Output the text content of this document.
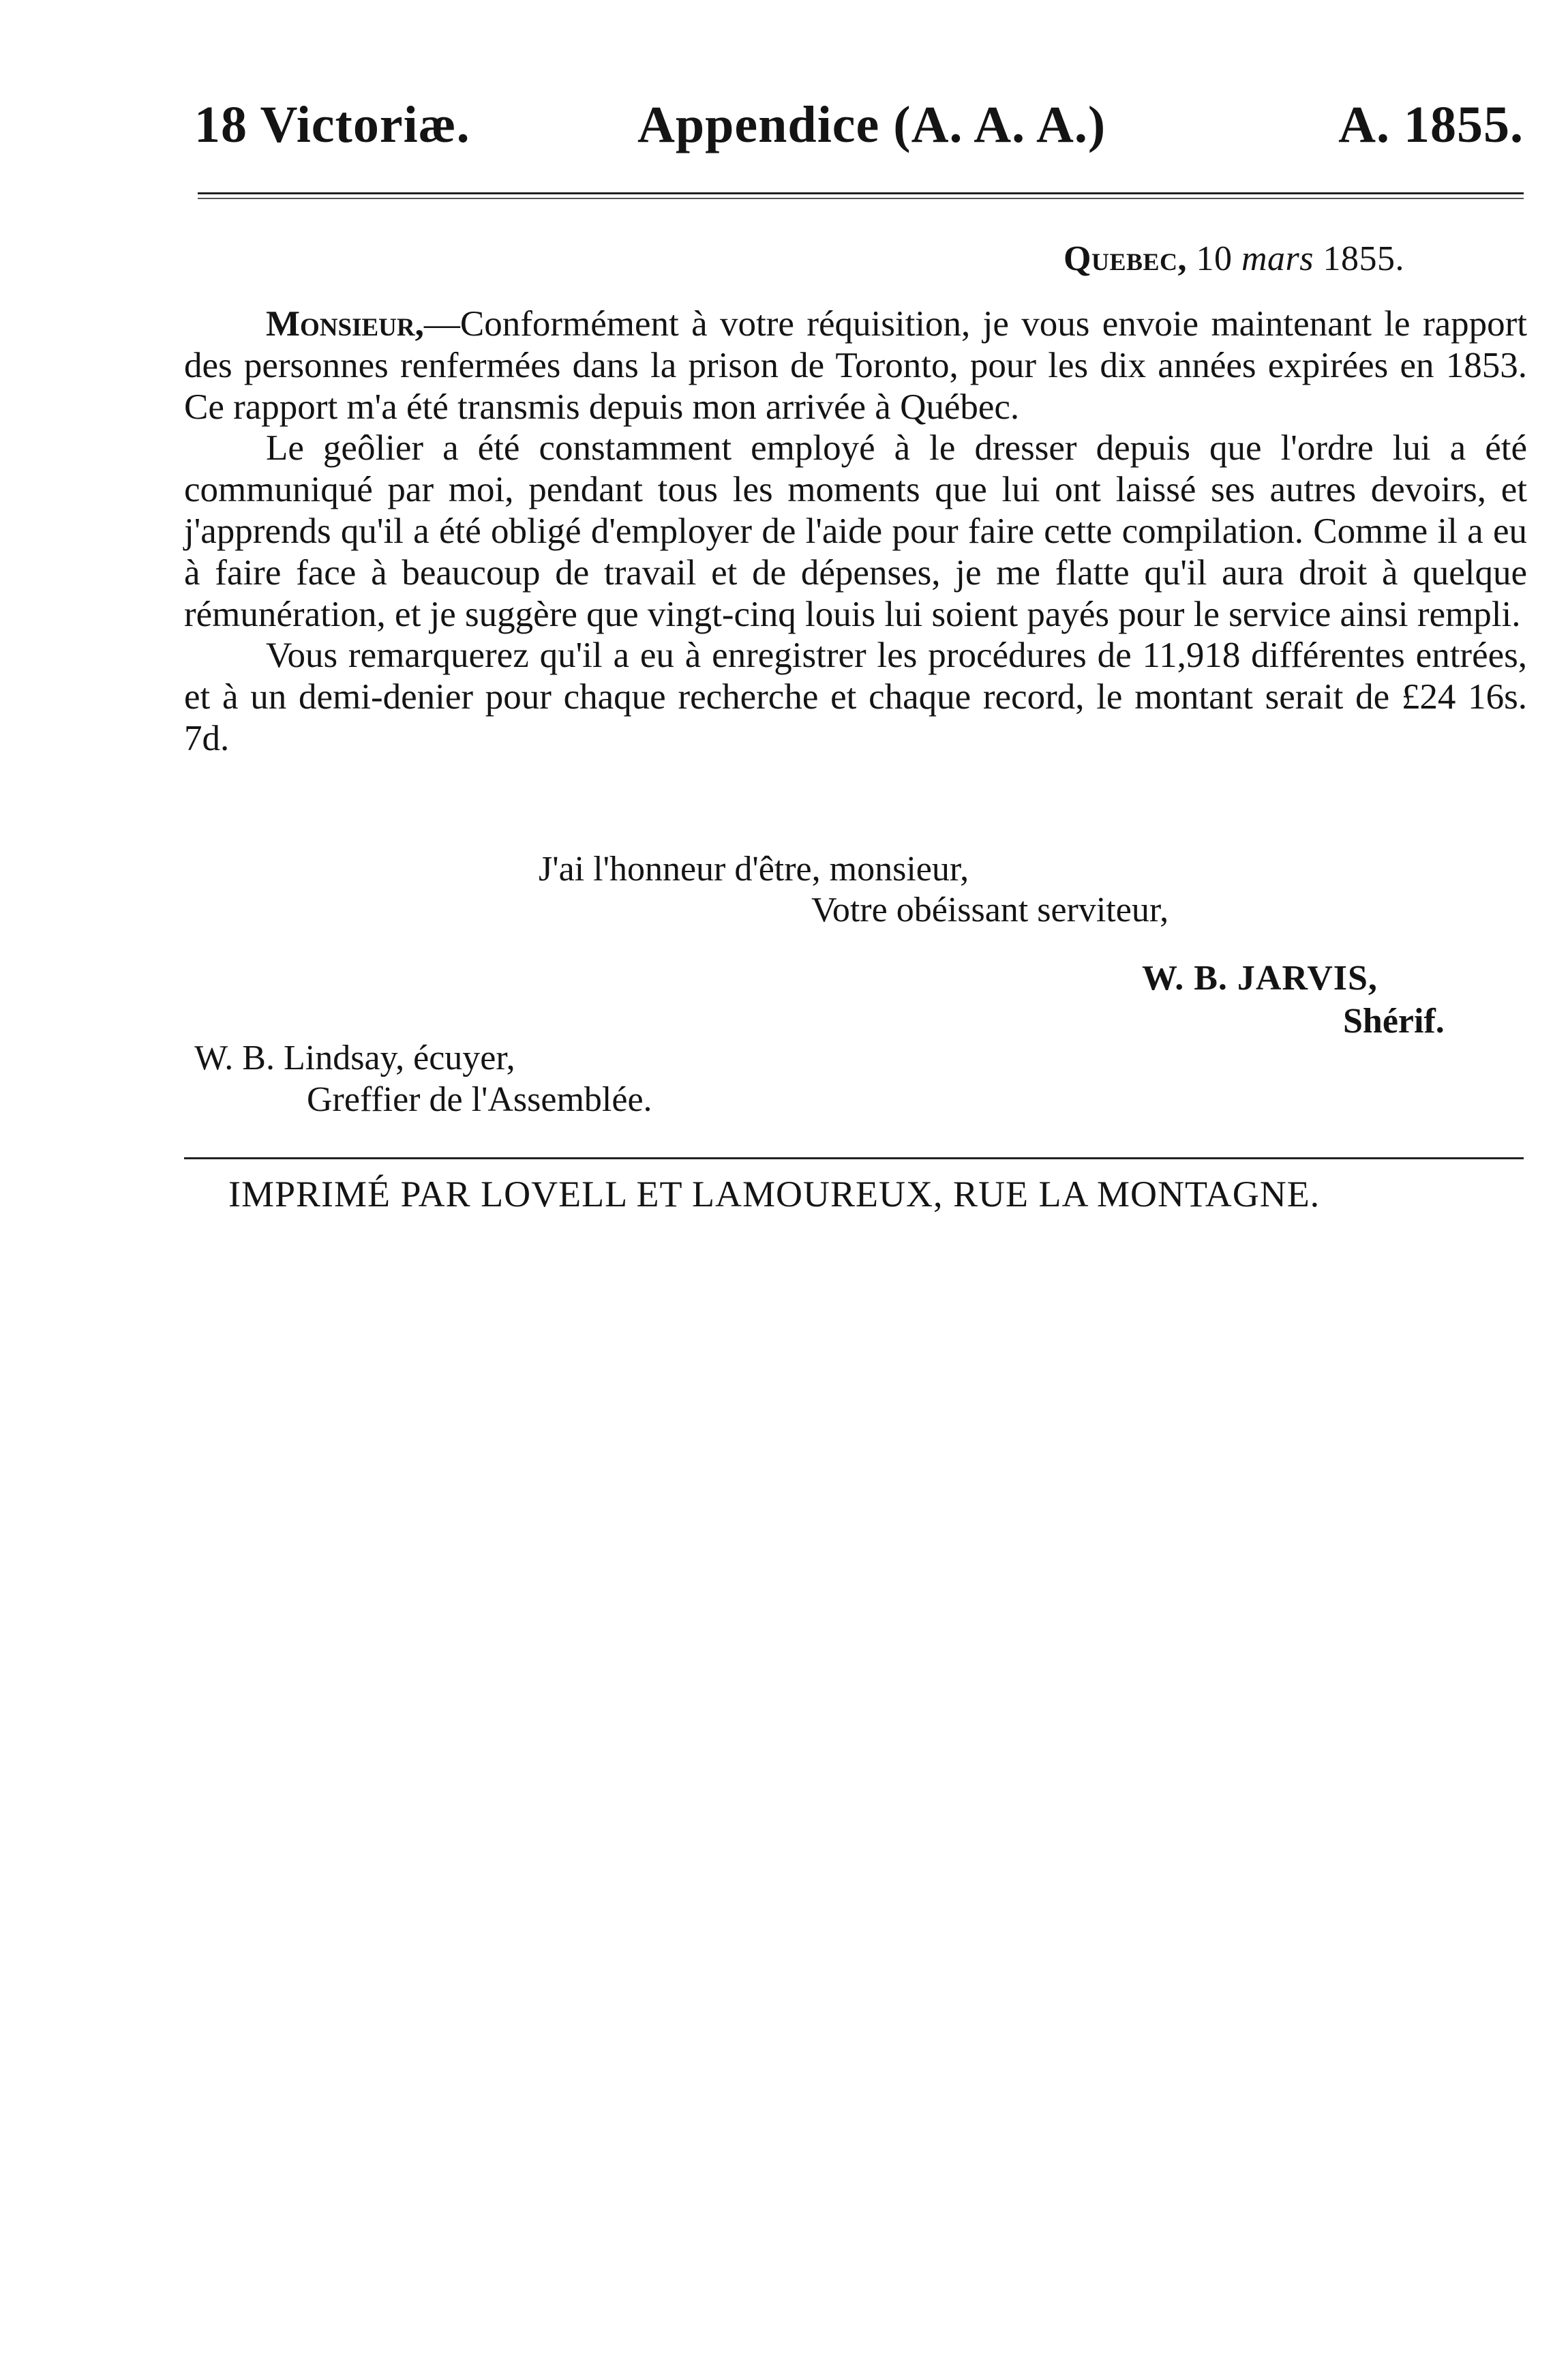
18 Victoriæ.	Appendice (A. A. A.)	A. 1855.
Quebec, 10 mars 1855.

Monsieur,—Conformément à votre réquisition, je vous envoie maintenant le rapport des personnes renfermées dans la prison de Toronto, pour les dix années expirées en 1853. Ce rapport m'a été transmis depuis mon arrivée à Québec.

Le geôlier a été constamment employé à le dresser depuis que l'ordre lui a été communiqué par moi, pendant tous les moments que lui ont laissé ses autres devoirs, et j'apprends qu'il a été obligé d'employer de l'aide pour faire cette compilation. Comme il a eu à faire face à beaucoup de travail et de dépenses, je me flatte qu'il aura droit à quelque rémunération, et je suggère que vingt-cinq louis lui soient payés pour le service ainsi rempli.

Vous remarquerez qu'il a eu à enregistrer les procédures de 11,918 différentes entrées, et à un demi-denier pour chaque recherche et chaque record, le montant serait de £24 16s. 7d.

J'ai l'honneur d'être, monsieur,
Votre obéissant serviteur,
W. B. JARVIS,
Shérif.
W. B. Lindsay, écuyer,
Greffier de l'Assemblée.
IMPRIMÉ PAR LOVELL ET LAMOUREUX, RUE LA MONTAGNE.
